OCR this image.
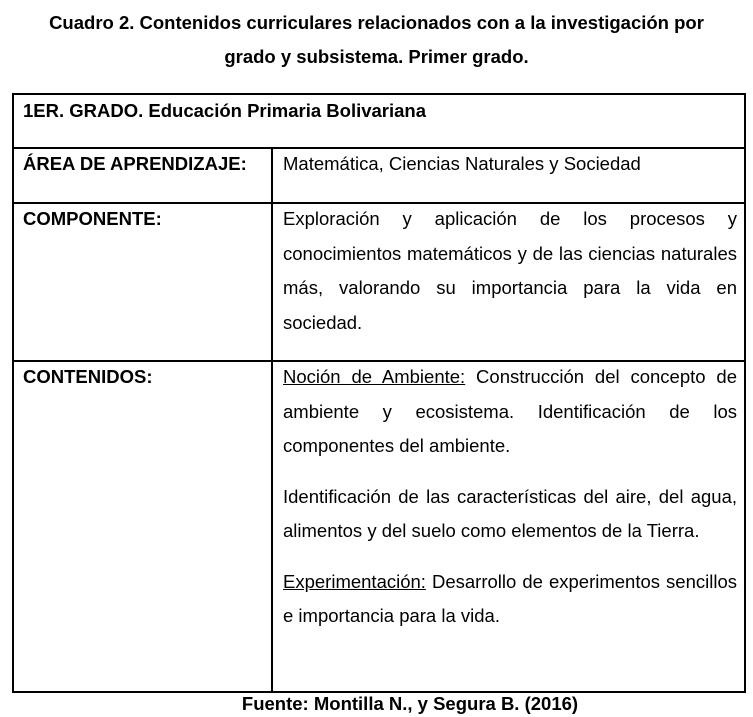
Cuadro 2. Contenidos curriculares relacionados con a la investigación por
grado y subsistema. Primer grado.
1ER. GRADO. Educación Primaria Bolivariana
ÁREA DE APRENDIZAJE: Matemática, Ciencias Naturales y Sociedad
COMPONENTE:	Exploración y aplicación de los procesos y conocimientos matemáticos y de las ciencias naturales más, valorando su importancia para la vida en sociedad.

CONTENIDOS:	Noción de Ambiente: Construcción del concepto de ambiente y ecosistema. Identificación de los componentes del ambiente.

Identificación de las características del aire, del agua, alimentos y del suelo como elementos de la Tierra.

Experimentación: Desarrollo de experimentos sencillos e importancia para la vida.

Fuente: Montilla N., y Segura B. (2016)
